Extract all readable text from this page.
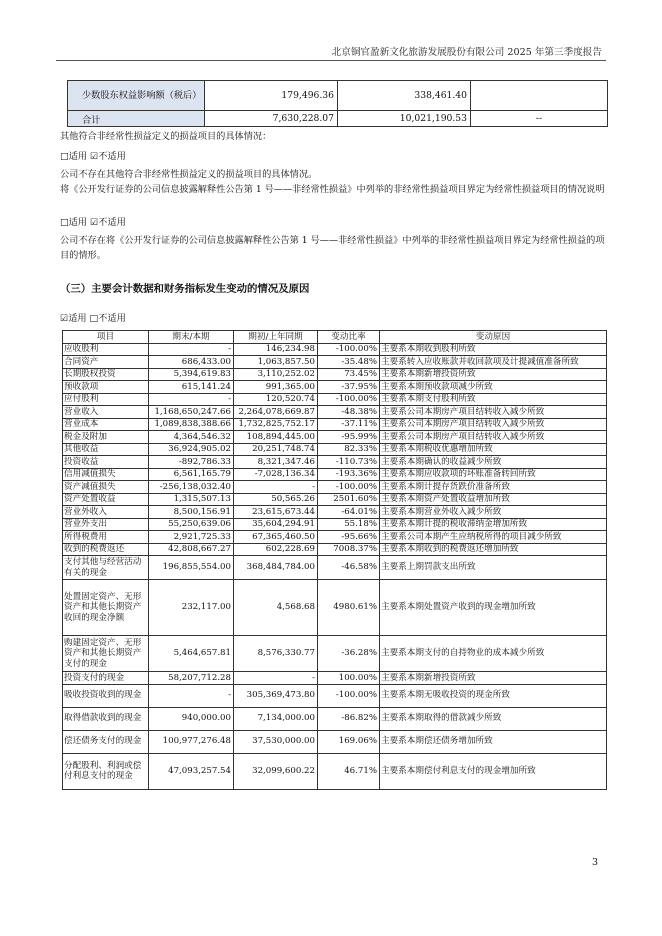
北京铜官盈新文化旅游发展股份有限公司 2025 年第三季度报告
少数股东权益影响额（税后）	179,496.36	338,461.40	
合计	7,630,228.07	10,021,190.53	--
其他符合非经常性损益定义的损益项目的具体情况：
□适用 ☑不适用
公司不存在其他符合非经常性损益定义的损益项目的具体情况。
将《公开发行证券的公司信息披露解释性公告第 1 号——非经常性损益》中列举的非经常性损益项目界定为经常性损益项目的情况说明
□适用 ☑不适用
公司不存在将《公开发行证券的公司信息披露解释性公告第 1 号——非经常性损益》中列举的非经常性损益项目界定为经常性损益的项目的情形。
（三）主要会计数据和财务指标发生变动的情况及原因
☑适用 □不适用
项目	期末/本期	期初/上年同期	变动比率	变动原因
应收股利	-	146,234.98	-100.00%	主要系本期收到股利所致
合同资产	686,433.00	1,063,857.50	-35.48%	主要系转入应收账款并收回款项及计提减值准备所致
长期股权投资	5,394,619.83	3,110,252.02	73.45%	主要系本期新增投资所致
预收款项	615,141.24	991,365.00	-37.95%	主要系本期预收款项减少所致
应付股利	-	120,520.74	-100.00%	主要系本期支付股利所致
营业收入	1,168,650,247.66	2,264,078,669.87	-48.38%	主要系公司本期房产项目结转收入减少所致
营业成本	1,089,838,388.66	1,732,825,752.17	-37.11%	主要系公司本期房产项目结转收入减少所致
税金及附加	4,364,546.32	108,894,445.00	-95.99%	主要系公司本期房产项目结转收入减少所致
其他收益	36,924,905.02	20,251,748.74	82.33%	主要系本期税收优惠增加所致
投资收益	-892,786.33	8,321,347.46	-110.73%	主要系本期确认的收益减少所致
信用减值损失	6,561,165.79	-7,028,136.34	-193.36%	主要系本期应收款项的坏账准备转回所致
资产减值损失	-256,138,032.40	-	-100.00%	主要系本期计提存货跌价准备所致
资产处置收益	1,315,507.13	50,565.26	2501.60%	主要系本期资产处置收益增加所致
营业外收入	8,500,156.91	23,615,673.44	-64.01%	主要系本期营业外收入减少所致
营业外支出	55,250,639.06	35,604,294.91	55.18%	主要系本期计提的税收滞纳金增加所致
所得税费用	2,921,725.33	67,365,460.50	-95.66%	主要系公司本期产生应纳税所得的项目减少所致
收到的税费返还	42,808,667.27	602,228.69	7008.37%	主要系本期收到的税费返还增加所致
支付其他与经营活动有关的现金	196,855,554.00	368,484,784.00	-46.58%	主要系上期罚款支出所致
处置固定资产、无形资产和其他长期资产收回的现金净额	232,117.00	4,568.68	4980.61%	主要系本期处置资产收到的现金增加所致
购建固定资产、无形资产和其他长期资产支付的现金	5,464,657.81	8,576,330.77	-36.28%	主要系本期支付的自持物业的成本减少所致
投资支付的现金	58,207,712.28	-	100.00%	主要系本期新增投资所致
吸收投资收到的现金	-	305,369,473.80	-100.00%	主要系本期无吸收投资的现金所致
取得借款收到的现金	940,000.00	7,134,000.00	-86.82%	主要系本期取得的借款减少所致
偿还债务支付的现金	100,977,276.48	37,530,000.00	169.06%	主要系本期偿还债务增加所致
分配股利、利润或偿付利息支付的现金	47,093,257.54	32,099,600.22	46.71%	主要系本期偿付利息支付的现金增加所致
3
